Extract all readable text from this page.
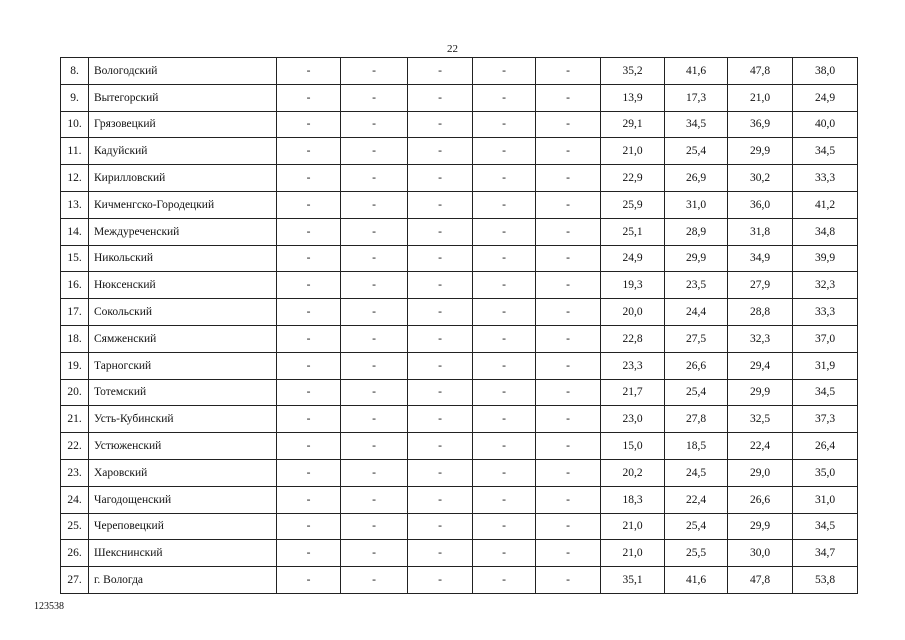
22
8.	Вологодский	-	-	-	-	-	35,2	41,6	47,8	38,0
9.	Вытегорский	-	-	-	-	-	13,9	17,3	21,0	24,9
10.	Грязовецкий	-	-	-	-	-	29,1	34,5	36,9	40,0
11.	Кадуйский	-	-	-	-	-	21,0	25,4	29,9	34,5
12.	Кирилловский	-	-	-	-	-	22,9	26,9	30,2	33,3
13.	Кичменгско-Городецкий	-	-	-	-	-	25,9	31,0	36,0	41,2
14.	Междуреченский	-	-	-	-	-	25,1	28,9	31,8	34,8
15.	Никольский	-	-	-	-	-	24,9	29,9	34,9	39,9
16.	Нюксенский	-	-	-	-	-	19,3	23,5	27,9	32,3
17.	Сокольский	-	-	-	-	-	20,0	24,4	28,8	33,3
18.	Сямженский	-	-	-	-	-	22,8	27,5	32,3	37,0
19.	Тарногский	-	-	-	-	-	23,3	26,6	29,4	31,9
20.	Тотемский	-	-	-	-	-	21,7	25,4	29,9	34,5
21.	Усть-Кубинский	-	-	-	-	-	23,0	27,8	32,5	37,3
22.	Устюженский	-	-	-	-	-	15,0	18,5	22,4	26,4
23.	Харовский	-	-	-	-	-	20,2	24,5	29,0	35,0
24.	Чагодощенский	-	-	-	-	-	18,3	22,4	26,6	31,0
25.	Череповецкий	-	-	-	-	-	21,0	25,4	29,9	34,5
26.	Шекснинский	-	-	-	-	-	21,0	25,5	30,0	34,7
27.	г. Вологда	-	-	-	-	-	35,1	41,6	47,8	53,8
123538
